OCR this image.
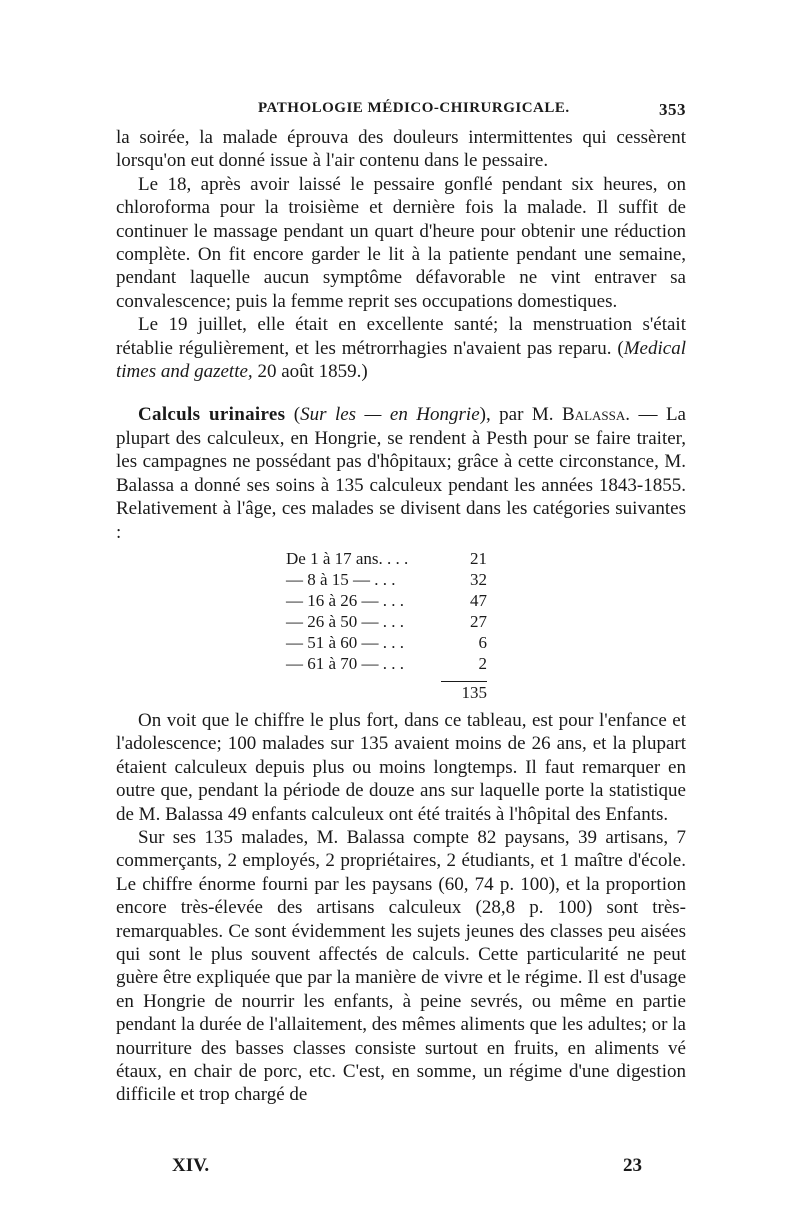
PATHOLOGIE MÉDICO-CHIRURGICALE.	353

la soirée, la malade éprouva des douleurs intermittentes qui cessèrent lorsqu'on eut donné issue à l'air contenu dans le pessaire.

Le 18, après avoir laissé le pessaire gonflé pendant six heures, on chloroforma pour la troisième et dernière fois la malade. Il suffit de continuer le massage pendant un quart d'heure pour obtenir une réduction complète. On fit encore garder le lit à la patiente pendant une semaine, pendant laquelle aucun symptôme défavorable ne vint entraver sa convalescence; puis la femme reprit ses occupations domestiques.

Le 19 juillet, elle était en excellente santé; la menstruation s'était rétablie régulièrement, et les métrorrhagies n'avaient pas reparu. (Medical times and gazette, 20 août 1859.)

Calculs urinaires (Sur les — en Hongrie), par M. Balassa. — La plupart des calculeux, en Hongrie, se rendent à Pesth pour se faire traiter, les campagnes ne possédant pas d'hôpitaux; grâce à cette circonstance, M. Balassa a donné ses soins à 135 calculeux pendant les années 1843-1855. Relativement à l'âge, ces malades se divisent dans les catégories suivantes :

De 1 à 17 ans. . . .	21
— 8 à 15 — . . .	32
— 16 à 26 — . . .	47
— 26 à 50 — . . .	27
— 51 à 60 — . . .	6
— 61 à 70 — . . .	2

	135

On voit que le chiffre le plus fort, dans ce tableau, est pour l'enfance et l'adolescence; 100 malades sur 135 avaient moins de 26 ans, et la plupart étaient calculeux depuis plus ou moins longtemps. Il faut remarquer en outre que, pendant la période de douze ans sur laquelle porte la statistique de M. Balassa 49 enfants calculeux ont été traités à l'hôpital des Enfants.

Sur ses 135 malades, M. Balassa compte 82 paysans, 39 artisans, 7 commerçants, 2 employés, 2 propriétaires, 2 étudiants, et 1 maître d'école. Le chiffre énorme fourni par les paysans (60, 74 p. 100), et la proportion encore très-élevée des artisans calculeux (28,8 p. 100) sont très-remarquables. Ce sont évidemment les sujets jeunes des classes peu aisées qui sont le plus souvent affectés de calculs. Cette particularité ne peut guère être expliquée que par la manière de vivre et le régime. Il est d'usage en Hongrie de nourrir les enfants, à peine sevrés, ou même en partie pendant la durée de l'allaitement, des mêmes aliments que les adultes; or la nourriture des basses classes consiste surtout en fruits, en aliments vé étaux, en chair de porc, etc. C'est, en somme, un régime d'une digestion difficile et trop chargé de

XIV.	23
